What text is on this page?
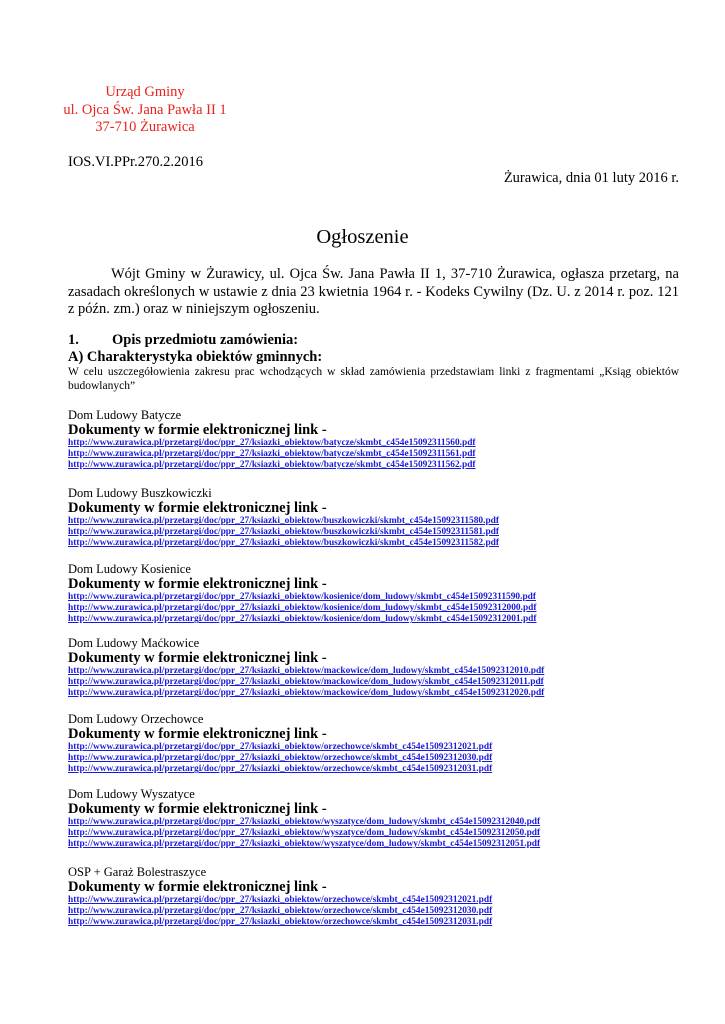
Urząd Gminy
ul. Ojca Św. Jana Pawła II 1
37-710 Żurawica
IOS.VI.PPr.270.2.2016
Żurawica, dnia 01 luty 2016 r.
Ogłoszenie
Wójt Gminy w Żurawicy, ul. Ojca Św. Jana Pawła II 1, 37-710 Żurawica, ogłasza przetarg, na zasadach określonych w ustawie z dnia 23 kwietnia 1964 r. - Kodeks Cywilny (Dz. U. z 2014 r. poz. 121 z późn. zm.) oraz w niniejszym ogłoszeniu.
1. Opis przedmiotu zamówienia:
A) Charakterystyka obiektów gminnych:
W celu uszczegółowienia zakresu prac wchodzących w skład zamówienia przedstawiam linki z fragmentami „Ksiąg obiektów budowlanych”
Dom Ludowy Batycze
Dokumenty w formie elektronicznej link -
http://www.zurawica.pl/przetargi/doc/ppr_27/ksiazki_obiektow/batycze/skmbt_c454e15092311560.pdf
http://www.zurawica.pl/przetargi/doc/ppr_27/ksiazki_obiektow/batycze/skmbt_c454e15092311561.pdf
http://www.zurawica.pl/przetargi/doc/ppr_27/ksiazki_obiektow/batycze/skmbt_c454e15092311562.pdf
Dom Ludowy Buszkowiczki
Dokumenty w formie elektronicznej link -
http://www.zurawica.pl/przetargi/doc/ppr_27/ksiazki_obiektow/buszkowiczki/skmbt_c454e15092311580.pdf
http://www.zurawica.pl/przetargi/doc/ppr_27/ksiazki_obiektow/buszkowiczki/skmbt_c454e15092311581.pdf
http://www.zurawica.pl/przetargi/doc/ppr_27/ksiazki_obiektow/buszkowiczki/skmbt_c454e15092311582.pdf
Dom Ludowy Kosienice
Dokumenty w formie elektronicznej link -
http://www.zurawica.pl/przetargi/doc/ppr_27/ksiazki_obiektow/kosienice/dom_ludowy/skmbt_c454e15092311590.pdf
http://www.zurawica.pl/przetargi/doc/ppr_27/ksiazki_obiektow/kosienice/dom_ludowy/skmbt_c454e15092312000.pdf
http://www.zurawica.pl/przetargi/doc/ppr_27/ksiazki_obiektow/kosienice/dom_ludowy/skmbt_c454e15092312001.pdf
Dom Ludowy Maćkowice
Dokumenty w formie elektronicznej link -
http://www.zurawica.pl/przetargi/doc/ppr_27/ksiazki_obiektow/mackowice/dom_ludowy/skmbt_c454e15092312010.pdf
http://www.zurawica.pl/przetargi/doc/ppr_27/ksiazki_obiektow/mackowice/dom_ludowy/skmbt_c454e15092312011.pdf
http://www.zurawica.pl/przetargi/doc/ppr_27/ksiazki_obiektow/mackowice/dom_ludowy/skmbt_c454e15092312020.pdf
Dom Ludowy Orzechowce
Dokumenty w formie elektronicznej link -
http://www.zurawica.pl/przetargi/doc/ppr_27/ksiazki_obiektow/orzechowce/skmbt_c454e15092312021.pdf
http://www.zurawica.pl/przetargi/doc/ppr_27/ksiazki_obiektow/orzechowce/skmbt_c454e15092312030.pdf
http://www.zurawica.pl/przetargi/doc/ppr_27/ksiazki_obiektow/orzechowce/skmbt_c454e15092312031.pdf
Dom Ludowy Wyszatyce
Dokumenty w formie elektronicznej link -
http://www.zurawica.pl/przetargi/doc/ppr_27/ksiazki_obiektow/wyszatyce/dom_ludowy/skmbt_c454e15092312040.pdf
http://www.zurawica.pl/przetargi/doc/ppr_27/ksiazki_obiektow/wyszatyce/dom_ludowy/skmbt_c454e15092312050.pdf
http://www.zurawica.pl/przetargi/doc/ppr_27/ksiazki_obiektow/wyszatyce/dom_ludowy/skmbt_c454e15092312051.pdf
OSP + Garaż Bolestraszyce
Dokumenty w formie elektronicznej link -
http://www.zurawica.pl/przetargi/doc/ppr_27/ksiazki_obiektow/orzechowce/skmbt_c454e15092312021.pdf
http://www.zurawica.pl/przetargi/doc/ppr_27/ksiazki_obiektow/orzechowce/skmbt_c454e15092312030.pdf
http://www.zurawica.pl/przetargi/doc/ppr_27/ksiazki_obiektow/orzechowce/skmbt_c454e15092312031.pdf
